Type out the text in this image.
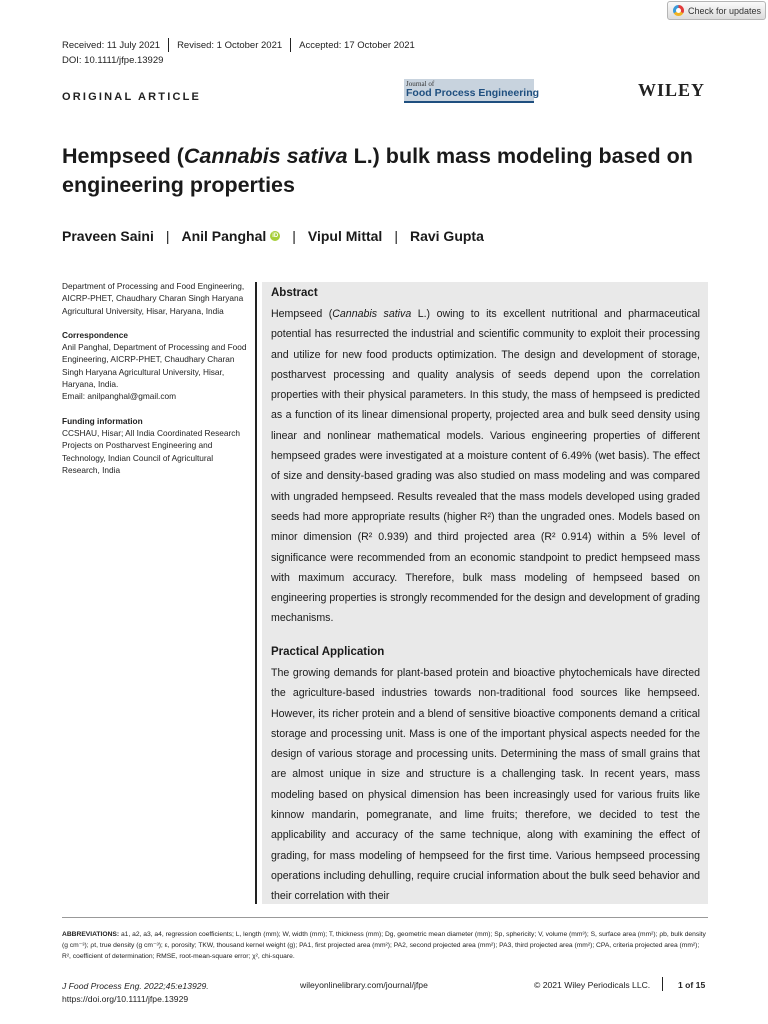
Check for updates
Received: 11 July 2021	Revised: 1 October 2021	Accepted: 17 October 2021
DOI: 10.1111/jfpe.13929
ORIGINAL ARTICLE
Journal of
Food Process Engineering	WILEY
Hempseed (Cannabis sativa L.) bulk mass modeling based on engineering properties
Praveen Saini | Anil Panghal	iD	| Vipul Mittal | Ravi Gupta

Department of Processing and Food Engineering, AICRP-PHET, Chaudhary Charan Singh Haryana Agricultural University, Hisar, Haryana, India

Correspondence

Anil Panghal, Department of Processing and Food Engineering, AICRP-PHET, Chaudhary Charan Singh Haryana Agricultural University, Hisar, Haryana, India.

Email: anilpanghal@gmail.com

Funding information

CCSHAU, Hisar; All India Coordinated Research Projects on Postharvest Engineering and Technology, Indian Council of Agricultural Research, India

Abstract

Hempseed (Cannabis sativa L.) owing to its excellent nutritional and pharmaceutical potential has resurrected the industrial and scientific community to exploit their processing and utilize for new food products optimization. The design and development of storage, postharvest processing and quality analysis of seeds depend upon the correlation properties with their physical parameters. In this study, the mass of hempseed is predicted as a function of its linear dimensional property, projected area and bulk seed density using linear and nonlinear mathematical models. Various engineering properties of different hempseed grades were investigated at a moisture content of 6.49% (wet basis). The effect of size and density-based grading was also studied on mass modeling and was compared with ungraded hempseed. Results revealed that the mass models developed using graded seeds had more appropriate results (higher R²) than the ungraded ones. Models based on minor dimension (R² 0.939) and third projected area (R² 0.914) within a 5% level of significance were recommended from an economic standpoint to predict hempseed mass with maximum accuracy. Therefore, bulk mass modeling of hempseed based on engineering properties is strongly recommended for the design and development of grading mechanisms.

Practical Application

The growing demands for plant-based protein and bioactive phytochemicals have directed the agriculture-based industries towards non-traditional food sources like hempseed. However, its richer protein and a blend of sensitive bioactive components demand a critical storage and processing unit. Mass is one of the important physical aspects needed for the design of various storage and processing units. Determining the mass of small grains that are almost unique in size and structure is a challenging task. In recent years, mass modeling based on physical dimension has been increasingly used for various fruits like kinnow mandarin, pomegranate, and lime fruits; therefore, we decided to test the applicability and accuracy of the same technique, along with examining the effect of grading, for mass modeling of hempseed for the first time. Various hempseed processing operations including dehulling, require crucial information about the bulk seed behavior and their correlation with their

ABBREVIATIONS: a1, a2, a3, a4, regression coefficients; L, length (mm); W, width (mm); T, thickness (mm); Dg, geometric mean diameter (mm); Sp, sphericity; V, volume (mm³); S, surface area (mm²); ρb, bulk density (g cm⁻³); ρt, true density (g cm⁻³); ε, porosity; TKW, thousand kernel weight (g); PA1, first projected area (mm²); PA2, second projected area (mm²); PA3, third projected area (mm²); CPA, criteria projected area (mm²); R², coefficient of determination; RMSE, root-mean-square error; χ², chi-square.
J Food Process Eng. 2022;45:e13929.
https://doi.org/10.1111/jfpe.13929
wileyonlinelibrary.com/journal/jfpe	© 2021 Wiley Periodicals LLC.	1 of 15
